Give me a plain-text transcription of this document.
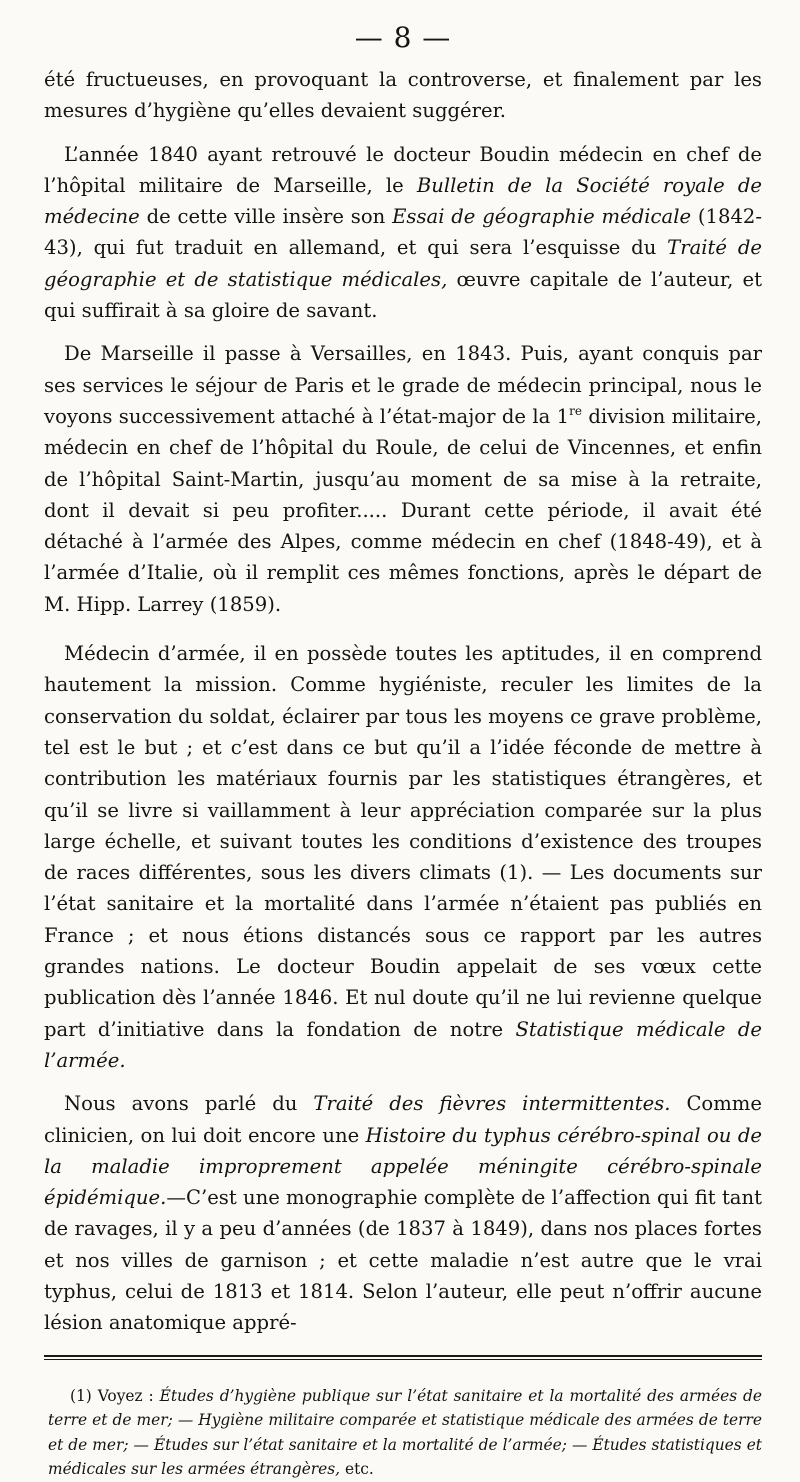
— 8 —

été fructueuses, en provoquant la controverse, et finalement par les mesures d’hygiène qu’elles devaient suggérer.

L’année 1840 ayant retrouvé le docteur Boudin médecin en chef de l’hôpital militaire de Marseille, le Bulletin de la Société royale de médecine de cette ville insère son Essai de géographie médicale (1842-43), qui fut traduit en allemand, et qui sera l’esquisse du Traité de géographie et de statistique médicales, œuvre capitale de l’auteur, et qui suffirait à sa gloire de savant.

De Marseille il passe à Versailles, en 1843. Puis, ayant conquis par ses services le séjour de Paris et le grade de médecin principal, nous le voyons successivement attaché à l’état-major de la 1re division militaire, médecin en chef de l’hôpital du Roule, de celui de Vincennes, et enfin de l’hôpital Saint-Martin, jusqu’au moment de sa mise à la retraite, dont il devait si peu profiter..... Durant cette période, il avait été détaché à l’armée des Alpes, comme médecin en chef (1848-49), et à l’armée d’Italie, où il remplit ces mêmes fonctions, après le départ de M. Hipp. Larrey (1859).

Médecin d’armée, il en possède toutes les aptitudes, il en comprend hautement la mission. Comme hygiéniste, reculer les limites de la conservation du soldat, éclairer par tous les moyens ce grave problème, tel est le but ; et c’est dans ce but qu’il a l’idée féconde de mettre à contribution les matériaux fournis par les statistiques étrangères, et qu’il se livre si vaillamment à leur appréciation comparée sur la plus large échelle, et suivant toutes les conditions d’existence des troupes de races différentes, sous les divers climats (1). — Les documents sur l’état sanitaire et la mortalité dans l’armée n’étaient pas publiés en France ; et nous étions distancés sous ce rapport par les autres grandes nations. Le docteur Boudin appelait de ses vœux cette publication dès l’année 1846. Et nul doute qu’il ne lui revienne quelque part d’initiative dans la fondation de notre Statistique médicale de l’armée.

Nous avons parlé du Traité des fièvres intermittentes. Comme clinicien, on lui doit encore une Histoire du typhus cérébro-spinal ou de la maladie improprement appelée méningite cérébro-spinale épidémique.—C’est une monographie complète de l’affection qui fit tant de ravages, il y a peu d’années (de 1837 à 1849), dans nos places fortes et nos villes de garnison ; et cette maladie n’est autre que le vrai typhus, celui de 1813 et 1814. Selon l’auteur, elle peut n’offrir aucune lésion anatomique appré-

(1) Voyez : Études d’hygiène publique sur l’état sanitaire et la mortalité des armées de terre et de mer; — Hygiène militaire comparée et statistique médicale des armées de terre et de mer; — Études sur l’état sanitaire et la mortalité de l’armée; — Études statistiques et médicales sur les armées étrangères, etc.
